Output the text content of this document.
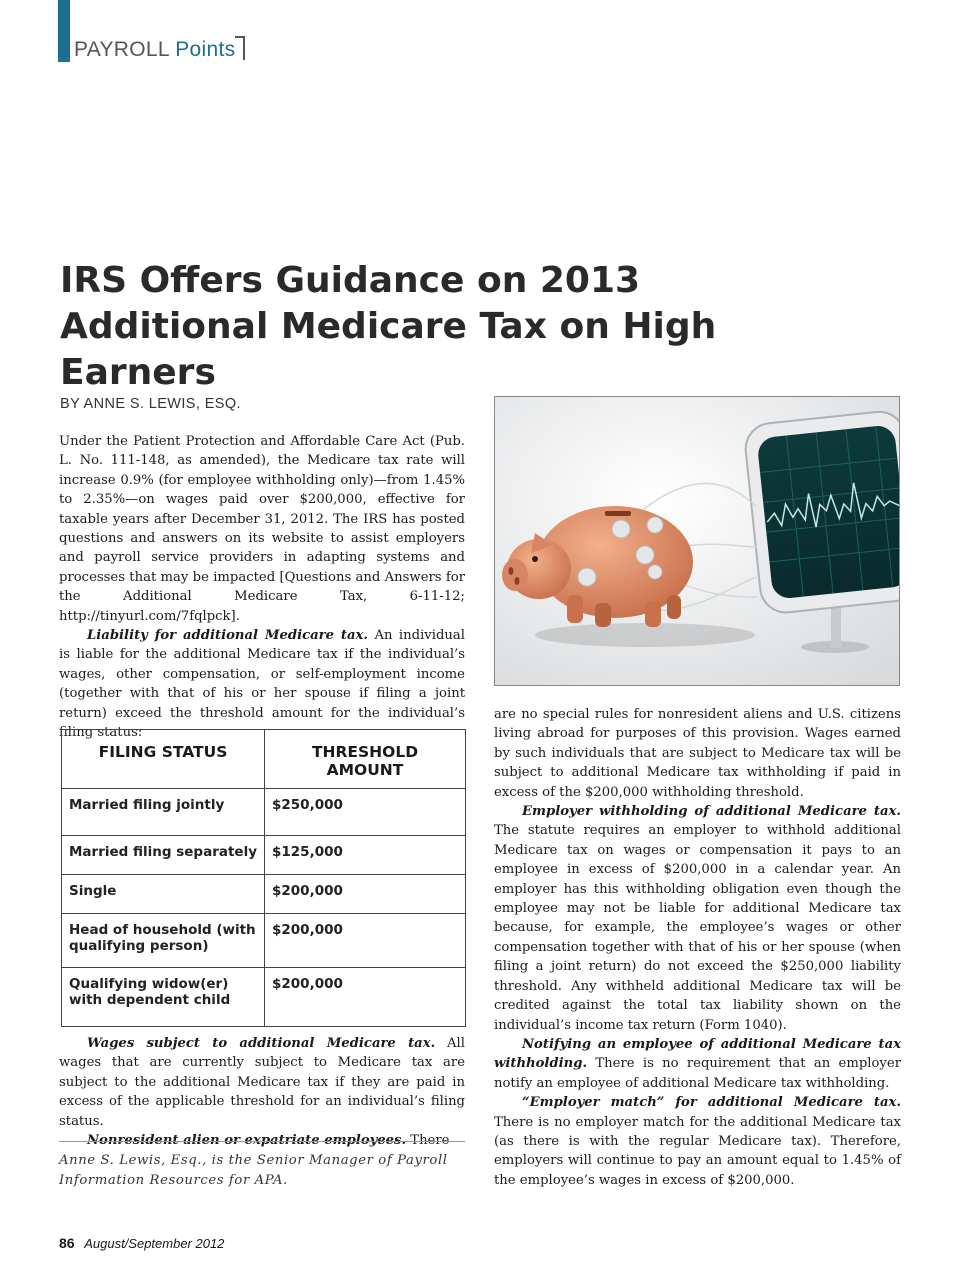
PAYROLL Points
IRS Offers Guidance on 2013 Additional Medicare Tax on High Earners
BY ANNE S. LEWIS, ESQ.

Under the Patient Protection and Affordable Care Act (Pub. L. No. 111-148, as amended), the Medicare tax rate will increase 0.9% (for employee withholding only)—from 1.45% to 2.35%—on wages paid over $200,000, effective for taxable years after December 31, 2012. The IRS has posted questions and answers on its website to assist employers and payroll service providers in adapting systems and processes that may be impacted [Questions and Answers for the Additional Medicare Tax, 6-11-12; http://tinyurl.com/7fqlpck].

Liability for additional Medicare tax. An individual is liable for the additional Medicare tax if the individual’s wages, other compensation, or self-employment income (together with that of his or her spouse if filing a joint return) exceed the threshold amount for the individual’s filing status:

FILING STATUS	THRESHOLD AMOUNT
Married filing jointly	$250,000
Married filing separately	$125,000
Single	$200,000
Head of household (with qualifying person)	$200,000
Qualifying widow(er) with dependent child	$200,000

Wages subject to additional Medicare tax. All wages that are currently subject to Medicare tax are subject to the additional Medicare tax if they are paid in excess of the applicable threshold for an individual’s filing status.

Nonresident alien or expatriate employees. There

Anne S. Lewis, Esq., is the Senior Manager of Payroll Information Resources for APA.

are no special rules for nonresident aliens and U.S. citizens living abroad for purposes of this provision. Wages earned by such individuals that are subject to Medicare tax will be subject to additional Medicare tax withholding if paid in excess of the $200,000 withholding threshold.

Employer withholding of additional Medicare tax. The statute requires an employer to withhold additional Medicare tax on wages or compensation it pays to an employee in excess of $200,000 in a calendar year. An employer has this withholding obligation even though the employee may not be liable for additional Medicare tax because, for example, the employee’s wages or other compensation together with that of his or her spouse (when filing a joint return) do not exceed the $250,000 liability threshold. Any withheld additional Medicare tax will be credited against the total tax liability shown on the individual’s income tax return (Form 1040).

Notifying an employee of additional Medicare tax withholding. There is no requirement that an employer notify an employee of additional Medicare tax withholding.

“Employer match” for additional Medicare tax. There is no employer match for the additional Medicare tax (as there is with the regular Medicare tax). Therefore, employers will continue to pay an amount equal to 1.45% of the employee’s wages in excess of $200,000.

86 August/September 2012
